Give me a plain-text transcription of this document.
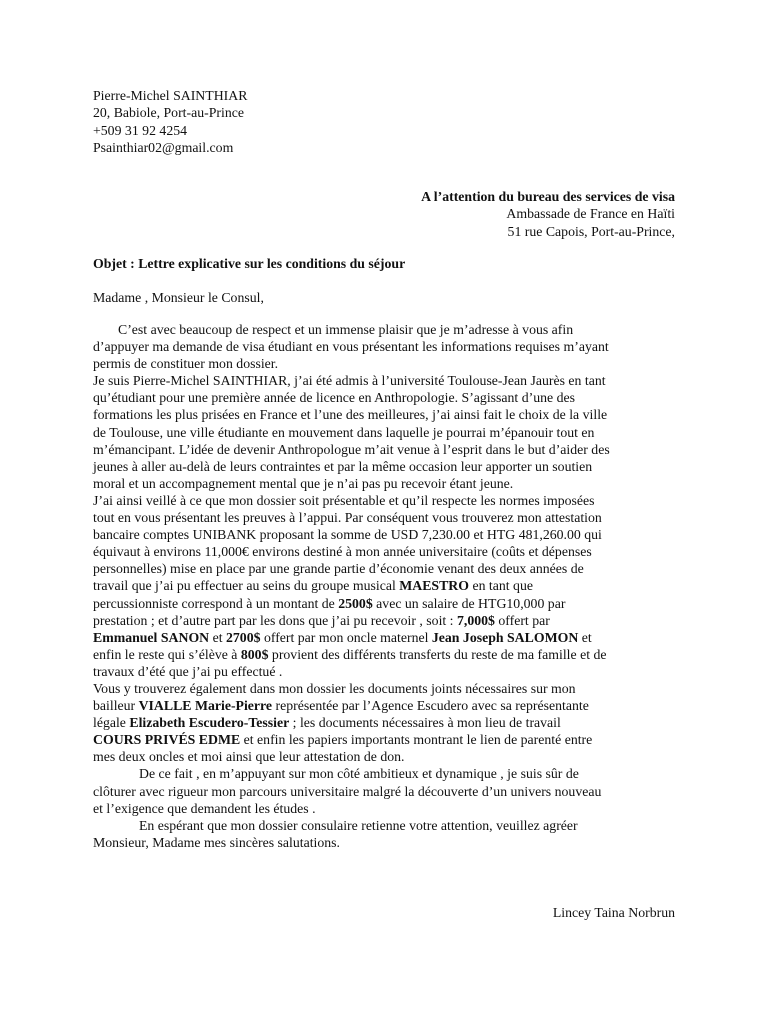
Pierre-Michel SAINTHIAR
20, Babiole, Port-au-Prince
+509 31 92 4254
Psainthiar02@gmail.com
A l’attention du bureau des services de visa
Ambassade de France en Haïti
51 rue Capois, Port-au-Prince,
Objet : Lettre explicative sur les conditions du séjour
Madame , Monsieur le Consul,
C’est avec beaucoup de respect et un immense plaisir que je m’adresse à vous afin
d’appuyer ma demande de visa étudiant en vous présentant les informations requises m’ayant
permis de constituer mon dossier.
Je suis Pierre-Michel SAINTHIAR, j’ai été admis à l’université Toulouse-Jean Jaurès en tant
qu’étudiant pour une première année de licence en Anthropologie. S’agissant d’une des
formations les plus prisées en France et l’une des meilleures, j’ai ainsi fait le choix de la ville
de Toulouse, une ville étudiante en mouvement dans laquelle je pourrai m’épanouir tout en
m’émancipant. L’idée de devenir Anthropologue m’ait venue à l’esprit dans le but d’aider des
jeunes à aller au-delà de leurs contraintes et par la même occasion leur apporter un soutien
moral et un accompagnement mental que je n’ai pas pu recevoir étant jeune.
J’ai ainsi veillé à ce que mon dossier soit présentable et qu’il respecte les normes imposées
tout en vous présentant les preuves à l’appui. Par conséquent vous trouverez mon attestation
bancaire comptes UNIBANK proposant la somme de USD 7,230.00 et HTG 481,260.00 qui
équivaut à environs 11,000€ environs destiné à mon année universitaire (coûts et dépenses
personnelles) mise en place par une grande partie d’économie venant des deux années de
travail que j’ai pu effectuer au seins du groupe musical MAESTRO en tant que
percussionniste correspond à un montant de 2500$ avec un salaire de HTG10,000 par
prestation ; et d’autre part par les dons que j’ai pu recevoir , soit : 7,000$ offert par
Emmanuel SANON et 2700$ offert par mon oncle maternel Jean Joseph SALOMON et
enfin le reste qui s’élève à 800$ provient des différents transferts du reste de ma famille et de
travaux d’été que j’ai pu effectué .
Vous y trouverez également dans mon dossier les documents joints nécessaires sur mon
bailleur VIALLE Marie-Pierre représentée par l’Agence Escudero avec sa représentante
légale Elizabeth Escudero-Tessier ; les documents nécessaires à mon lieu de travail
COURS PRIVÉS EDME et enfin les papiers importants montrant le lien de parenté entre
mes deux oncles et moi ainsi que leur attestation de don.
De ce fait , en m’appuyant sur mon côté ambitieux et dynamique , je suis sûr de
clôturer avec rigueur mon parcours universitaire malgré la découverte d’un univers nouveau
et l’exigence que demandent les études .
En espérant que mon dossier consulaire retienne votre attention, veuillez agréer
Monsieur, Madame mes sincères salutations.
Lincey Taina Norbrun
